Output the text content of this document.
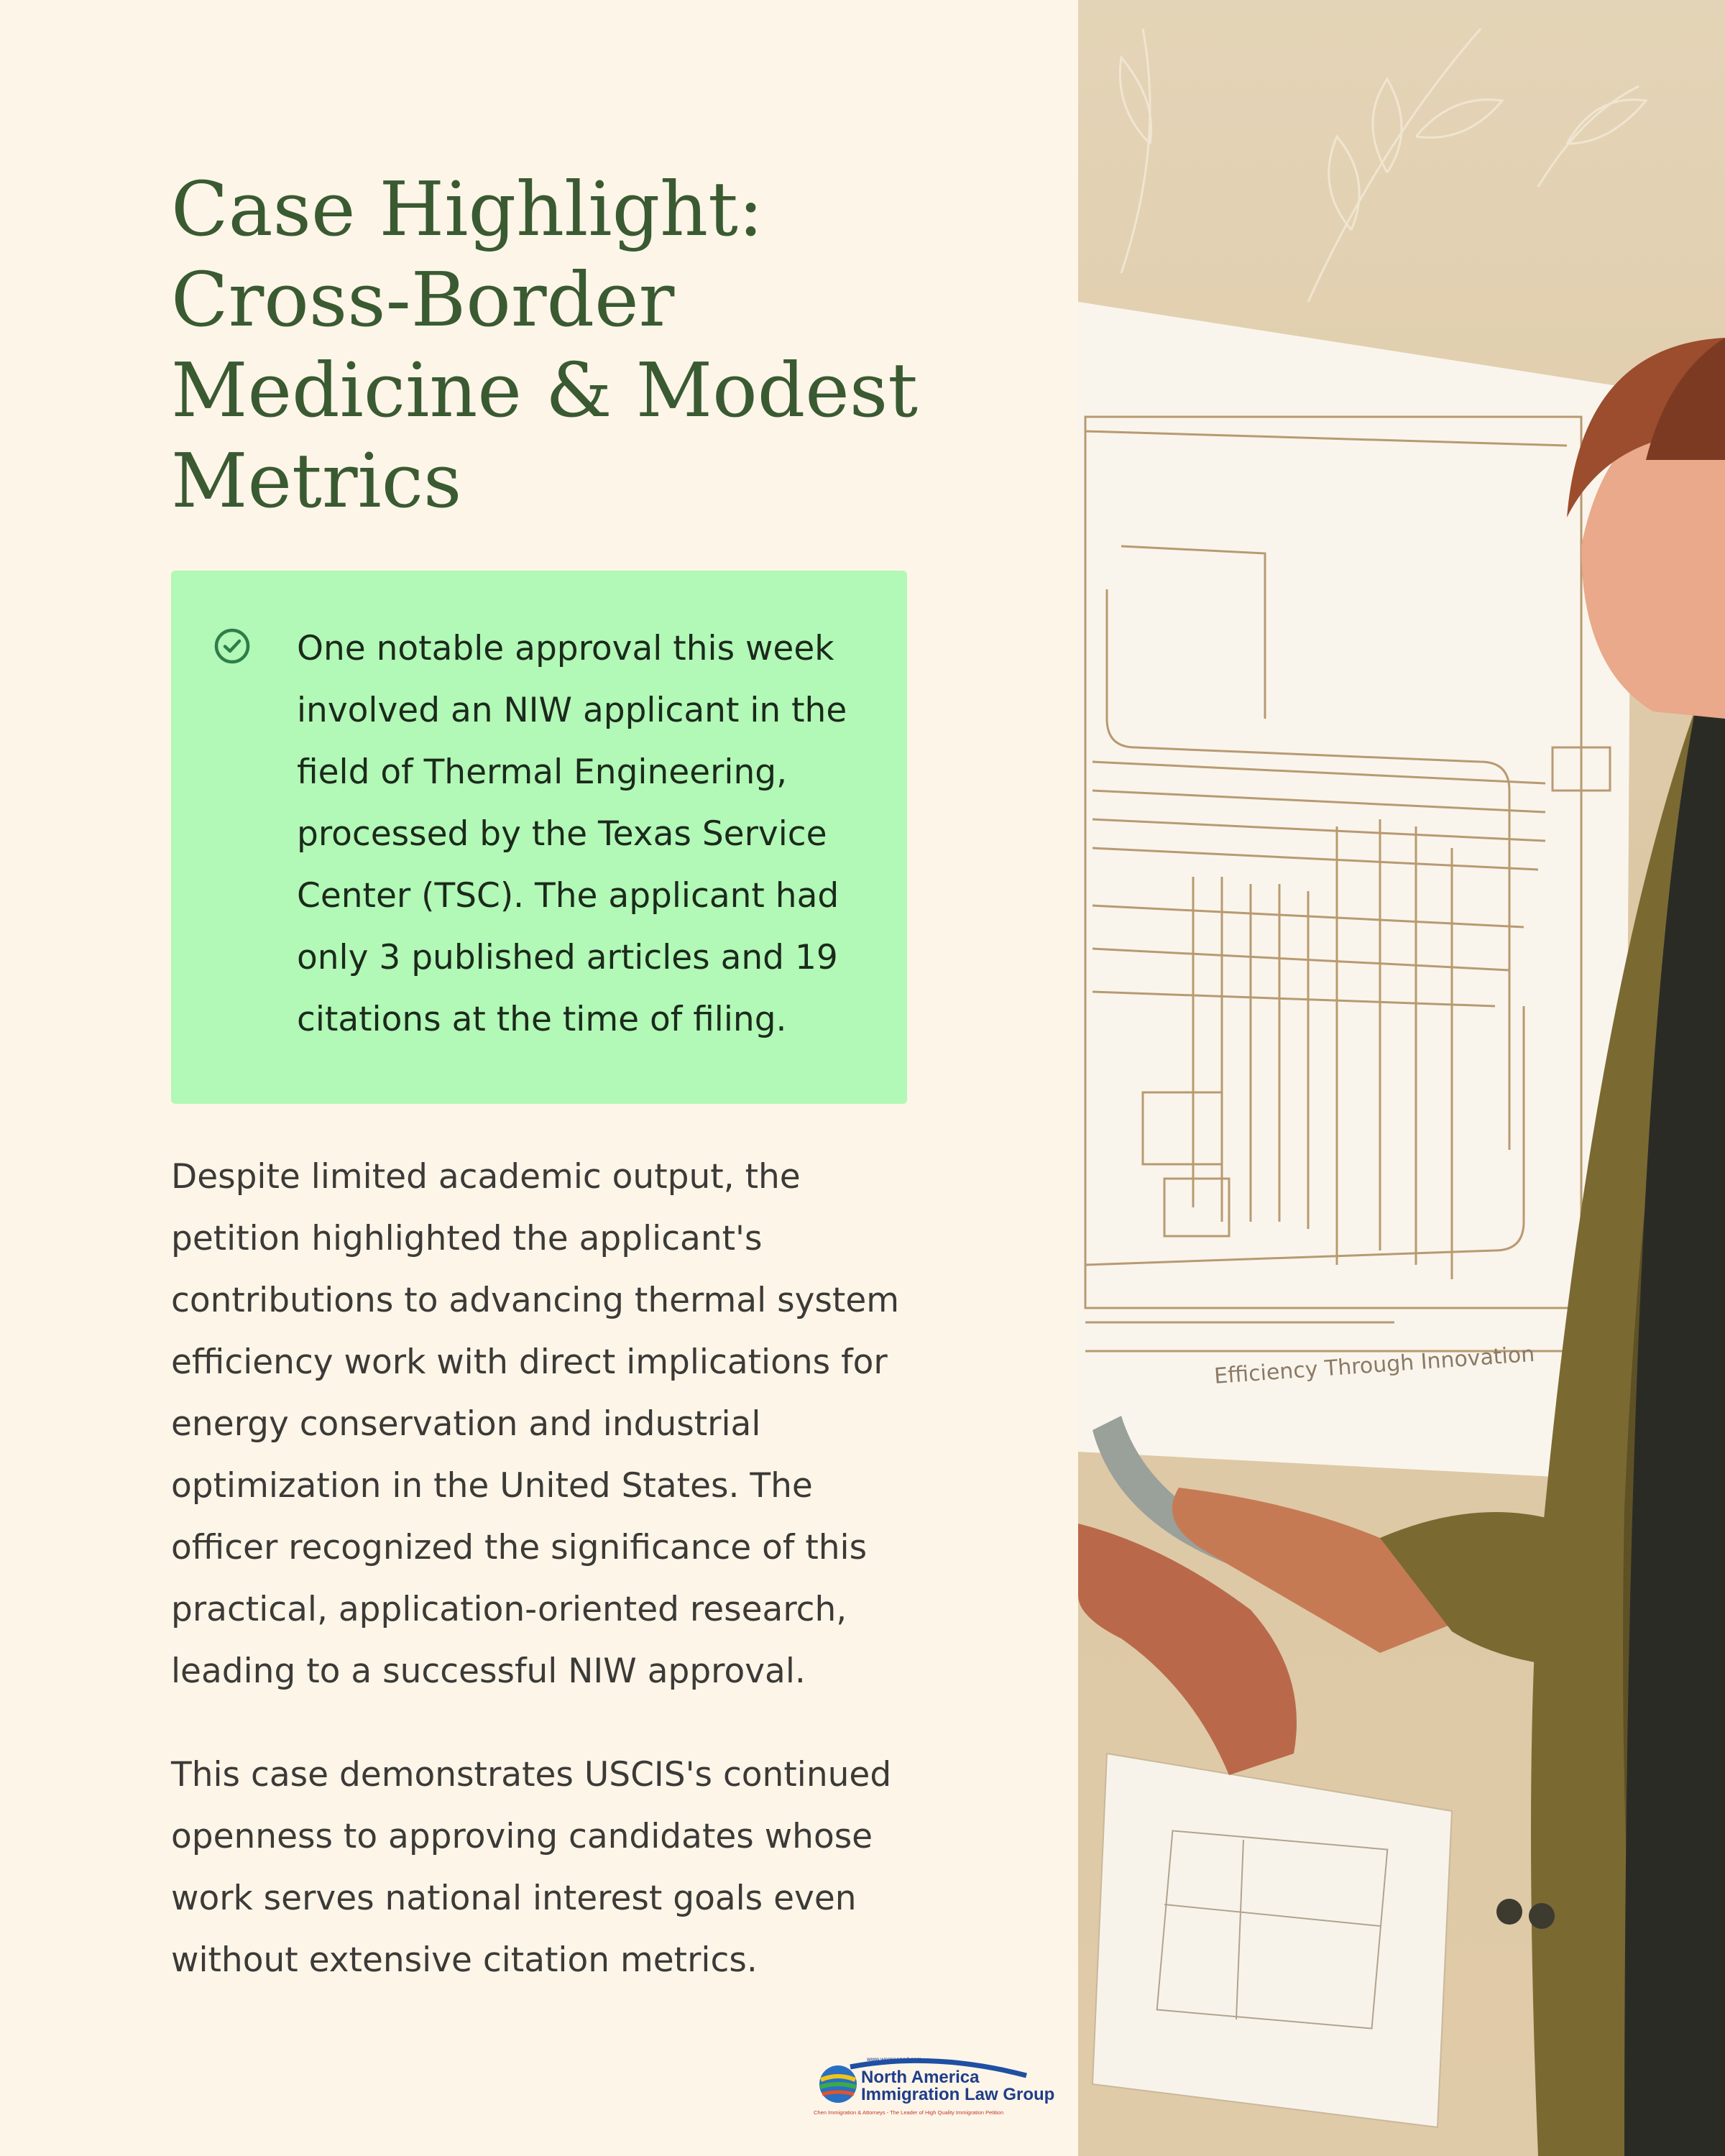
Case Highlight: Cross-Border Medicine & Modest Metrics

One notable approval this week involved an NIW applicant in the field of Thermal Engineering, processed by the Texas Service Center (TSC). The applicant had only 3 published articles and 19 citations at the time of filing.

Despite limited academic output, the petition highlighted the applicant's contributions to advancing thermal system efficiency work with direct implications for energy conservation and industrial optimization in the United States. The officer recognized the significance of this practical, application-oriented research, leading to a successful NIW approval.

This case demonstrates USCIS's continued openness to approving candidates whose work serves national interest goals even without extensive citation metrics.

www.wegreened.com
North America
Immigration Law Group
Chen Immigration & Attorneys - The Leader of High Quality Immigration Petition
Efficiency Through Innovation
